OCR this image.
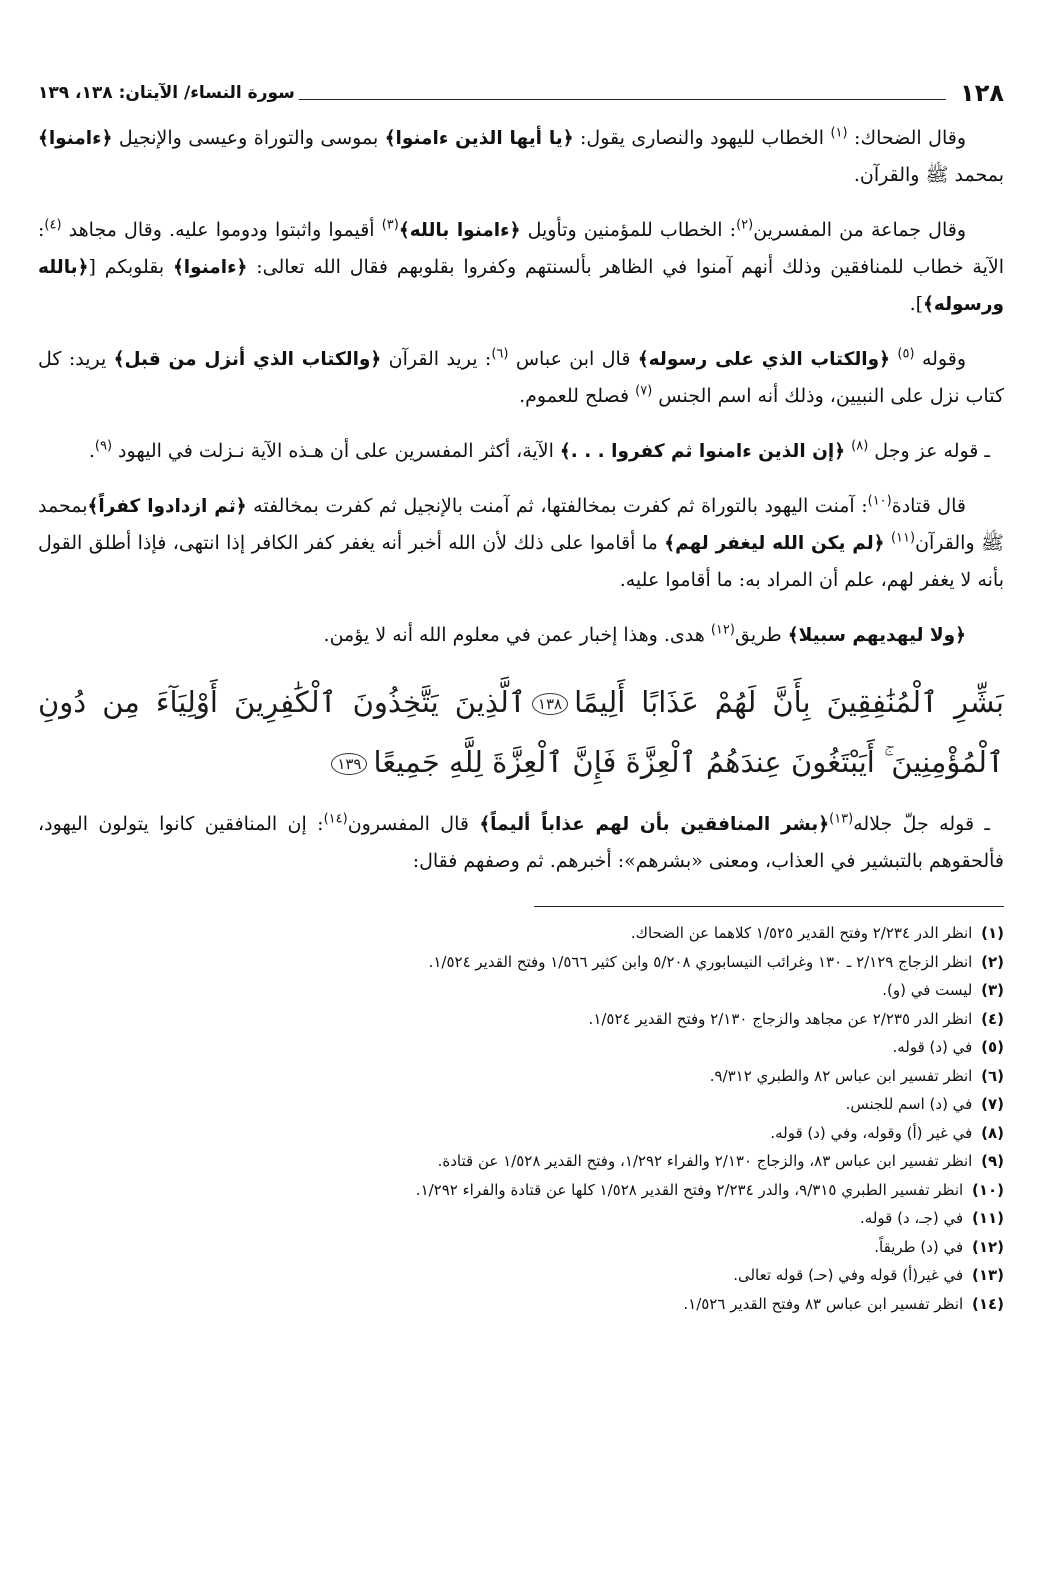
١٢٨
سورة النساء/ الآيتان: ١٣٨، ١٣٩

وقال الضحاك: $^{(١)}$ الخطاب لليهود والنصارى يقول: ﴿يا أيها الذين ءامنوا﴾ بموسى والتوراة وعيسى والإنجيل ﴿ءامنوا﴾ بمحمد ﷺ والقرآن.

وقال جماعة من المفسرين$^{(٢)}$: الخطاب للمؤمنين وتأويل ﴿ءامنوا بالله﴾$^{(٣)}$ أقيموا واثبتوا ودوموا عليه. وقال مجاهد $^{(٤)}$: الآية خطاب للمنافقين وذلك أنهم آمنوا في الظاهر بألسنتهم وكفروا بقلوبهم فقال الله تعالى: ﴿ءامنوا﴾ بقلوبكم [﴿بالله ورسوله﴾].

وقوله $^{(٥)}$ ﴿والكتاب الذي على رسوله﴾ قال ابن عباس $^{(٦)}$: يريد القرآن ﴿والكتاب الذي أنزل من قبل﴾ يريد: كل كتاب نزل على النبيين، وذلك أنه اسم الجنس $^{(٧)}$ فصلح للعموم.

ـ قوله عز وجل $^{(٨)}$ ﴿إن الذين ءامنوا ثم كفروا . . .﴾ الآية، أكثر المفسرين على أن هـذه الآية نـزلت في اليهود $^{(٩)}$.

قال قتادة$^{(١٠)}$: آمنت اليهود بالتوراة ثم كفرت بمخالفتها، ثم آمنت بالإنجيل ثم كفرت بمخالفته ﴿ثم ازدادوا كفراً﴾بمحمد ﷺ والقرآن$^{(١١)}$ ﴿لم يكن الله ليغفر لهم﴾ ما أقاموا على ذلك لأن الله أخبر أنه يغفر كفر الكافر إذا انتهى، فإذا أطلق القول بأنه لا يغفر لهم، علم أن المراد به: ما أقاموا عليه.

﴿ولا ليهديهم سبيلا﴾ طريق$^{(١٢)}$ هدى. وهذا إخبار عمن في معلوم الله أنه لا يؤمن.

بَشِّرِ ٱلْمُنَٰفِقِينَ بِأَنَّ لَهُمْ عَذَابًا أَلِيمًا١٣٨ٱلَّذِينَ يَتَّخِذُونَ ٱلْكَٰفِرِينَ أَوْلِيَآءَ مِن دُونِ ٱلْمُؤْمِنِينَ ۚ أَيَبْتَغُونَ عِندَهُمُ ٱلْعِزَّةَ فَإِنَّ ٱلْعِزَّةَ لِلَّهِ جَمِيعًا١٣٩

ـ قوله جلّ جلاله$^{(١٣)}$﴿بشر المنافقين بأن لهم عذاباً أليماً﴾ قال المفسرون$^{(١٤)}$: إن المنافقين كانوا يتولون اليهود، فألحقوهم بالتبشير في العذاب، ومعنى «بشرهم»: أخبرهم. ثم وصفهم فقال:

(١) انظر الدر ٢/٢٣٤ وفتح القدير ١/٥٢٥ كلاهما عن الضحاك.
(٢) انظر الزجاج ٢/١٢٩ ـ ١٣٠ وغرائب النيسابوري ٥/٢٠٨ وابن كثير ١/٥٦٦ وفتح القدير ١/٥٢٤.
(٣) ليست في (و).
(٤) انظر الدر ٢/٢٣٥ عن مجاهد والزجاج ٢/١٣٠ وفتح القدير ١/٥٢٤.
(٥) في (د) قوله.
(٦) انظر تفسير ابن عباس ٨٢ والطبري ٩/٣١٢.
(٧) في (د) اسم للجنس.
(٨) في غير (أ) وقوله، وفي (د) قوله.
(٩) انظر تفسير ابن عباس ٨٣، والزجاج ٢/١٣٠ والفراء ١/٢٩٢، وفتح القدير ١/٥٢٨ عن قتادة.
(١٠) انظر تفسير الطبري ٩/٣١٥، والدر ٢/٢٣٤ وفتح القدير ١/٥٢٨ كلها عن قتادة والفراء ١/٢٩٢.
(١١) في (جـ، د) قوله.
(١٢) في (د) طريقاً.
(١٣) في غير(أ) قوله وفي (حـ) قوله تعالى.
(١٤) انظر تفسير ابن عباس ٨٣ وفتح القدير ١/٥٢٦.
